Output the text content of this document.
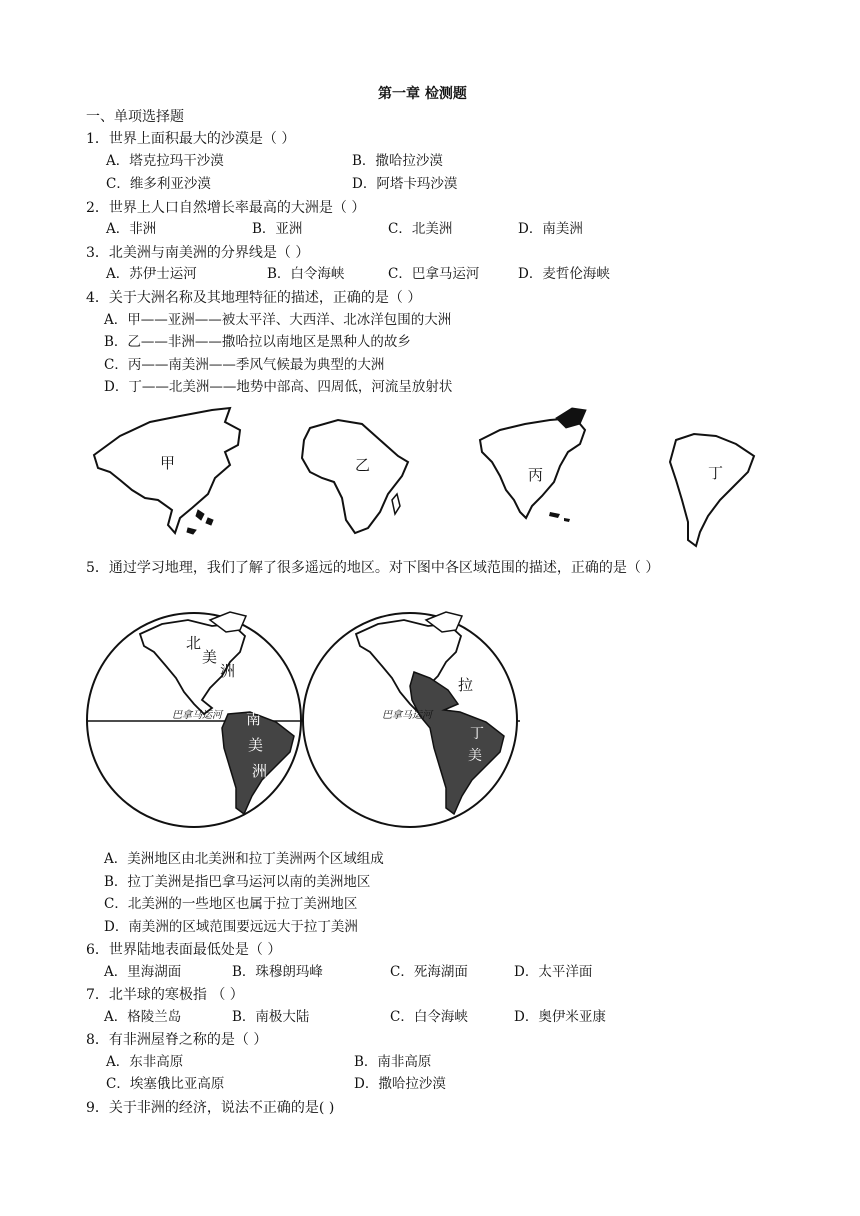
第一章 检测题
一、单项选择题
1．世界上面积最大的沙漠是（ ）
A．塔克拉玛干沙漠	B．撒哈拉沙漠
C．维多利亚沙漠	D．阿塔卡玛沙漠
2．世界上人口自然增长率最高的大洲是（ ）
A．非洲	B．亚洲	C．北美洲	D．南美洲
3．北美洲与南美洲的分界线是（ ）
A．苏伊士运河	B．白令海峡	C．巴拿马运河	D．麦哲伦海峡
4．关于大洲名称及其地理特征的描述，正确的是（ ）
A．甲——亚洲——被太平洋、大西洋、北冰洋包围的大洲
B．乙——非洲——撒哈拉以南地区是黑种人的故乡
C．丙——南美洲——季风气候最为典型的大洲
D．丁——北美洲——地势中部高、四周低，河流呈放射状
甲	乙
丙	丁
5．通过学习地理，我们了解了很多遥远的地区。对下图中各区域范围的描述，正确的是（ ）
北
美
洲
巴拿马运河 南
美
洲
拉
巴拿马运河
丁
美
A．美洲地区由北美洲和拉丁美洲两个区域组成
B．拉丁美洲是指巴拿马运河以南的美洲地区
C．北美洲的一些地区也属于拉丁美洲地区
D．南美洲的区域范围要远远大于拉丁美洲
6．世界陆地表面最低处是（ ）
A．里海湖面	B．珠穆朗玛峰	C．死海湖面	D．太平洋面
7．北半球的寒极指 （ ）
A．格陵兰岛	B．南极大陆	C．白令海峡	D．奥伊米亚康
8．有非洲屋脊之称的是（ ）
A．东非高原	B．南非高原
C．埃塞俄比亚高原	D．撒哈拉沙漠
9．关于非洲的经济，说法不正确的是( )
